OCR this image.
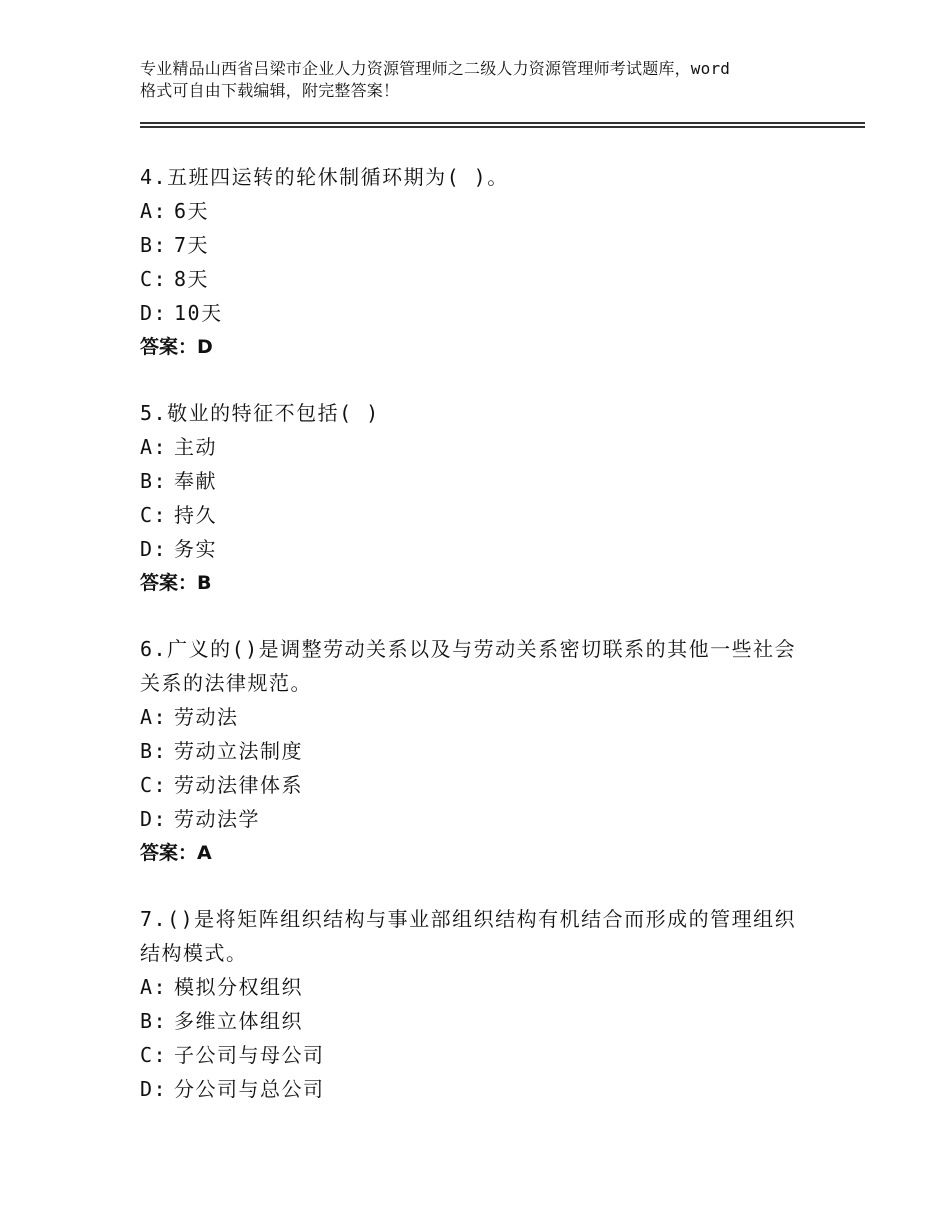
专业精品山西省吕梁市企业人力资源管理师之二级人力资源管理师考试题库，word
格式可自由下载编辑，附完整答案！

4.五班四运转的轮休制循环期为( )。

A: 6天

B: 7天

C: 8天

D: 10天

答案：D

5.敬业的特征不包括( )

A: 主动

B: 奉献

C: 持久

D: 务实

答案：B

6.广义的()是调整劳动关系以及与劳动关系密切联系的其他一些社会关系的法律规范。

A: 劳动法

B: 劳动立法制度

C: 劳动法律体系

D: 劳动法学

答案：A

7.()是将矩阵组织结构与事业部组织结构有机结合而形成的管理组织结构模式。

A: 模拟分权组织

B: 多维立体组织

C: 子公司与母公司

D: 分公司与总公司
